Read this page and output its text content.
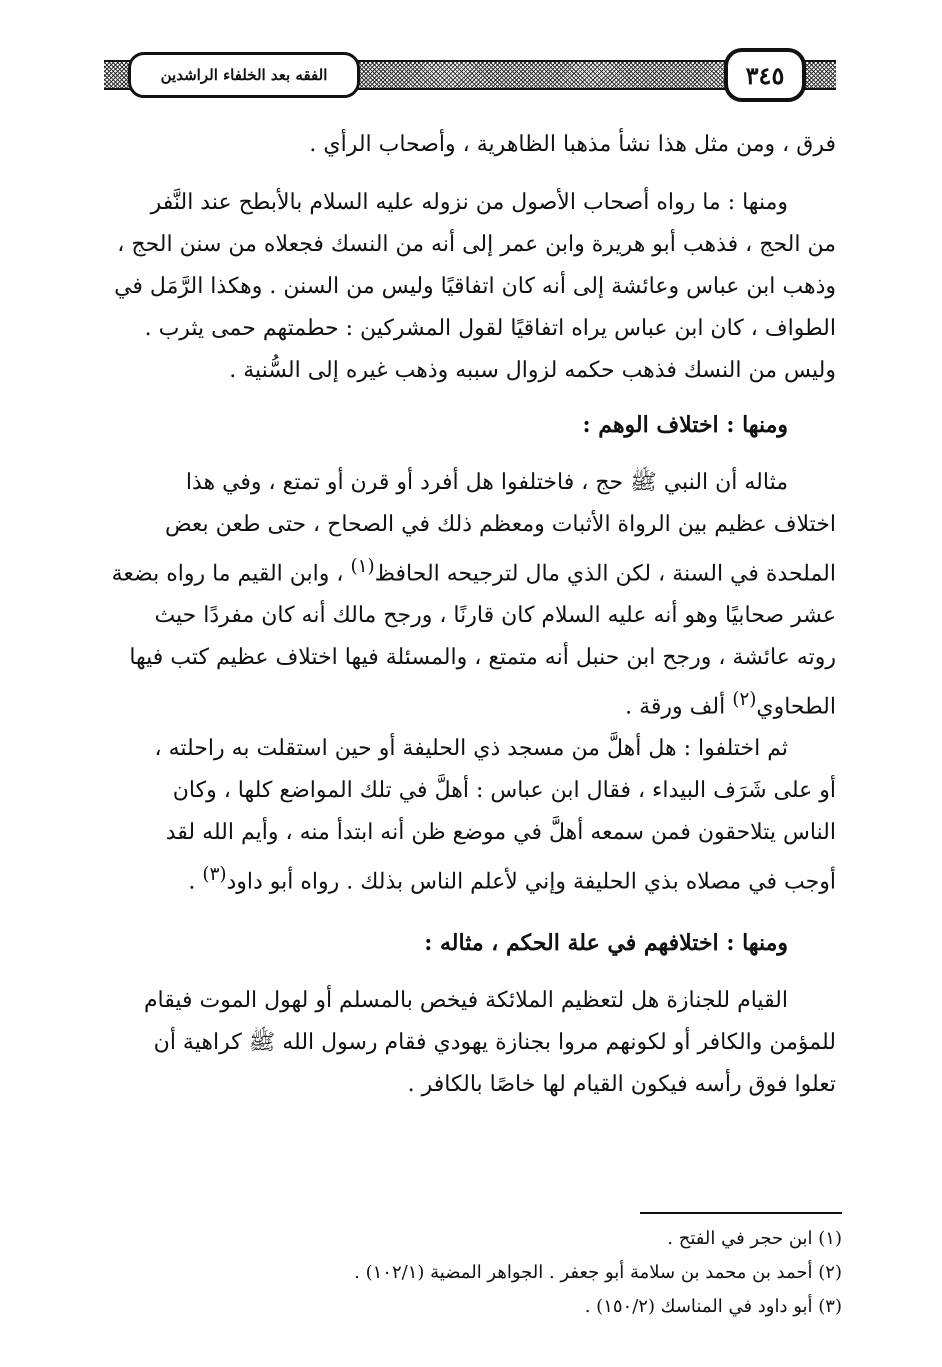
الفقه بعد الخلفاء الراشدين	٣٤٥

فرق ، ومن مثل هذا نشأ مذهبا الظاهرية ، وأصحاب الرأي .

ومنها : ما رواه أصحاب الأصول من نزوله عليه السلام بالأبطح عند النَّفر

من الحج ، فذهب أبو هريرة وابن عمر إلى أنه من النسك فجعلاه من سنن الحج ،

وذهب ابن عباس وعائشة إلى أنه كان اتفاقيًا وليس من السنن . وهكذا الرَّمَل في

الطواف ، كان ابن عباس يراه اتفاقيًا لقول المشركين : حطمتهم حمى يثرب .

وليس من النسك فذهب حكمه لزوال سببه وذهب غيره إلى السُّنية .

ومنها : اختلاف الوهم :

مثاله أن النبي ﷺ حج ، فاختلفوا هل أفرد أو قرن أو تمتع ، وفي هذا

اختلاف عظيم بين الرواة الأثبات ومعظم ذلك في الصحاح ، حتى طعن بعض

الملحدة في السنة ، لكن الذي مال لترجيحه الحافظ$^{(١)}$ ، وابن القيم ما رواه بضعة

عشر صحابيًا وهو أنه عليه السلام كان قارنًا ، ورجح مالك أنه كان مفردًا حيث

روته عائشة ، ورجح ابن حنبل أنه متمتع ، والمسئلة فيها اختلاف عظيم كتب فيها

الطحاوي$^{(٢)}$ ألف ورقة .

ثم اختلفوا : هل أهلَّ من مسجد ذي الحليفة أو حين استقلت به راحلته ،

أو على شَرَف البيداء ، فقال ابن عباس : أهلَّ في تلك المواضع كلها ، وكان

الناس يتلاحقون فمن سمعه أهلَّ في موضع ظن أنه ابتدأ منه ، وأيم الله لقد

أوجب في مصلاه بذي الحليفة وإني لأعلم الناس بذلك . رواه أبو داود$^{(٣)}$ .

ومنها : اختلافهم في علة الحكم ، مثاله :

القيام للجنازة هل لتعظيم الملائكة فيخص بالمسلم أو لهول الموت فيقام

للمؤمن والكافر أو لكونهم مروا بجنازة يهودي فقام رسول الله ﷺ كراهية أن

تعلوا فوق رأسه فيكون القيام لها خاصًا بالكافر .

(١) ابن حجر في الفتح .
(٢) أحمد بن محمد بن سلامة أبو جعفر . الجواهر المضية (١٠٢/١) .
(٣) أبو داود في المناسك (١٥٠/٢) .
